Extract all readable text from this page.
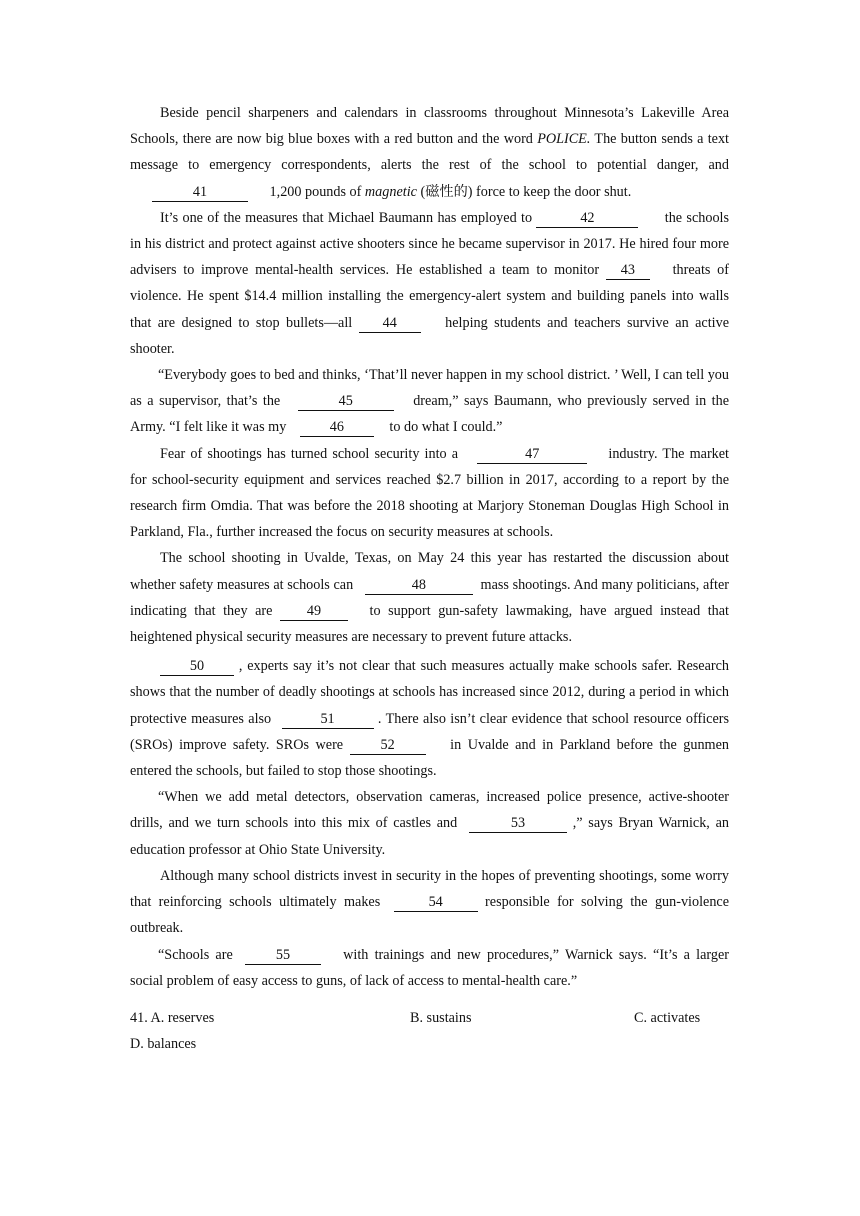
Beside pencil sharpeners and calendars in classrooms throughout Minnesota’s Lakeville Area Schools, there are now big blue boxes with a red button and the word POLICE. The button sends a text message to emergency correspondents, alerts the rest of the school to potential danger, and 41	1,200 pounds of magnetic (磁性的) force to keep the door shut.

It’s one of the measures that Michael Baumann has employed to	42	the schools in his district and protect against active shooters since he became supervisor in 2017. He hired four more advisers to improve mental-health services. He established a team to monitor 43 threats of violence. He spent $14.4 million installing the emergency-alert system and building panels into walls that are designed to stop bullets—all 44	helping students and teachers survive an active shooter.

“Everybody goes to bed and thinks, ‘That’ll never happen in my school district. ’ Well, I can tell you as a supervisor, that’s the	45	dream,” says Baumann, who previously served in the Army. “I felt like it was my	46	to do what I could.”

Fear of shootings has turned school security into a	47	industry. The market for school-security equipment and services reached $2.7 billion in 2017, according to a report by the research firm Omdia. That was before the 2018 shooting at Marjory Stoneman Douglas High School in Parkland, Fla., further increased the focus on security measures at schools.

The school shooting in Uvalde, Texas, on May 24 this year has restarted the discussion about whether safety measures at schools can	48	mass shootings. And many politicians, after indicating that they are 49	to support gun-safety lawmaking, have argued instead that heightened physical security measures are necessary to prevent future attacks.

50 , experts say it’s not clear that such measures actually make schools safer. Research shows that the number of deadly shootings at schools has increased since 2012, during a period in which protective measures also	51	. There also isn’t clear evidence that school resource officers (SROs) improve safety. SROs were 52	in Uvalde and in Parkland before the gunmen entered the schools, but failed to stop those shootings.

“When we add metal detectors, observation cameras, increased police presence, active-shooter drills, and we turn schools into this mix of castles and	53	,” says Bryan Warnick, an education professor at Ohio State University.

Although many school districts invest in security in the hopes of preventing shootings, some worry that reinforcing schools ultimately makes	54 responsible for solving the gun-violence outbreak.

“Schools are	55	with trainings and new procedures,” Warnick says. “It’s a larger social problem of easy access to guns, of lack of access to mental-health care.”

41. A. reserves	B. sustains	C. activates
D. balances
